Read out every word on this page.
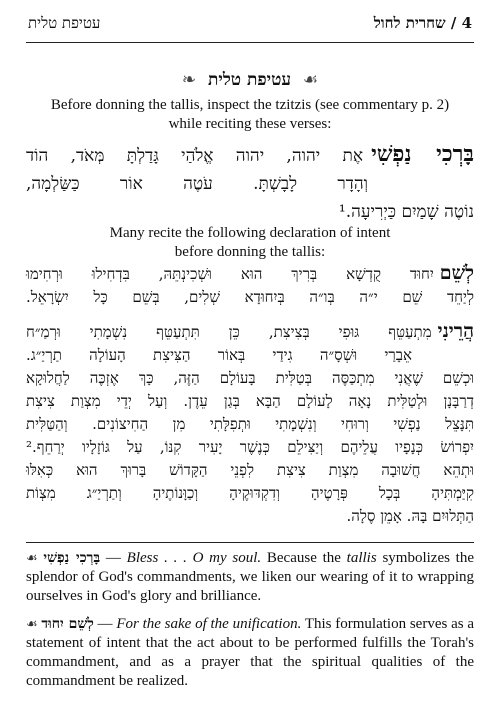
עטיפת טלית	4 / שחרית לחול
☙ עטיפת טלית ❧
Before donning the tallis, inspect the tzitzis (see commentary p. 2)
while reciting these verses:
בָּרְכִי נַפְשִׁיאֶת יהוה, יהוה אֱלֹהַי גָּדַלְתָּ מְּאֹד, הוֹד
וְהָדָר לָבָשְׁתָּ. עֹטֶה אוֹר כַּשַּׂלְמָה,
נוֹטֶה שָׁמַיִם כַּיְרִיעָה.¹
Many recite the following declaration of intent
before donning the tallis:
לְשֵׁםיִחוּד קֻדְשָׁא בְּרִיךְ הוּא וּשְׁכִינְתֵּהּ, בִּדְחִילוּ וּרְחִימוּ
לְיַחֵד שֵׁם י״ה בְּו״ה בְּיִחוּדָא שְׁלִים, בְּשֵׁם כָּל יִשְׂרָאֵל.
הֲרֵינִימִתְעַטֵּף גּוּפִי בְּצִיצִת, כֵּן תִּתְעַטֵּף נִשְׁמָתִי וּרְמַ״ח
אֵבָרַי וּשְׁסָ״ה גִידַי בְּאוֹר הַצִּיצִת הָעוֹלָה תַרְיַ״ג.
וּכְשֵׁם שֶׁאֲנִי מִתְכַּסֶּה בְּטַלִּית בָּעוֹלָם הַזֶּה, כָּךְ אֶזְכֶּה לַחֲלוּקָא
דְרַבָּנָן וּלְטַלִּית נָאָה לָעוֹלָם הַבָּא בְּגַן עֵדֶן. וְעַל יְדֵי מִצְוַת צִיצִת
תִּנָּצֵל נַפְשִׁי וְרוּחִי וְנִשְׁמָתִי וּתְפִלָּתִי מִן הַחִיצוֹנִים. וְהַטַּלִּית
יִפְרוֹשׂ כְּנָפָיו עֲלֵיהֶם וְיַצִּילֵם כְּנֶשֶׁר יָעִיר קִנּוֹ, עַל גּוֹזָלָיו יְרַחֵף.²
וּתְהֵא חֲשׁוּבָה מִצְוַת צִיצִת לִפְנֵי הַקָּדוֹשׁ בָּרוּךְ הוּא כְּאִלּוּ
קִיַּמְתִּיהָ בְּכָל פְּרָטֶיהָ וְדִקְדּוּקֶיהָ וְכַוָּנוֹתֶיהָ וְתַרְיַ״ג מִצְוֹת
הַתְּלוּיִם בָּהּ. אָמֵן סֶלָה.
☙ בָּרְכִי נַפְשִׁי — Bless . . . O my soul. Because the tallis symbolizes the splendor of God's commandments, we liken our wearing of it to wrapping ourselves in God's glory and brilliance.
☙ לְשֵׁם יִחוּד — For the sake of the unification. This formulation serves as a statement of intent that the act about to be performed fulfills the Torah's commandment, and as a prayer that the spiritual qualities of the commandment be realized.
